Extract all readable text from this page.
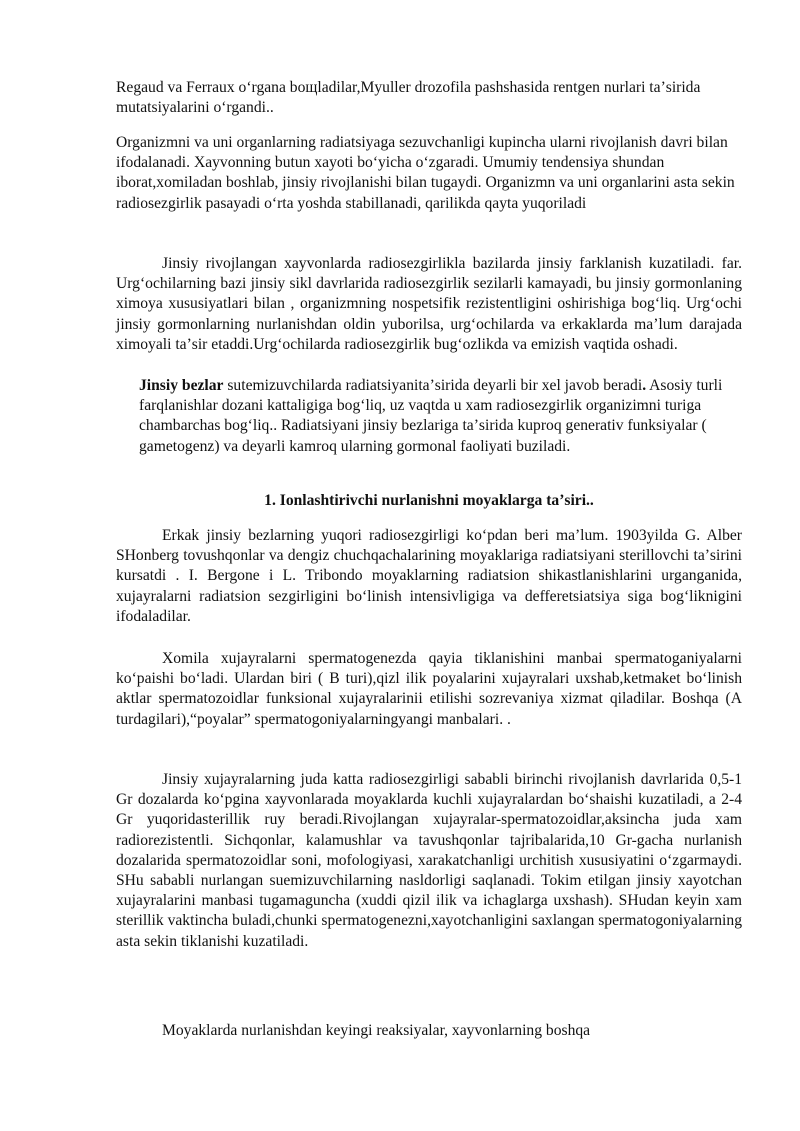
Regaud va Ferraux oʻrgana bощladilar,Myuller drozofila pashshasida rentgen nurlari taʼsirida mutatsiyalarini oʻrgandi..

Organizmni va uni organlarning radiatsiyaga sezuvchanligi kupincha ularni rivojlanish davri bilan ifodalanadi. Xayvonning butun xayoti boʻyicha oʻzgaradi. Umumiy tendensiya shundan iborat,xomiladan boshlab, jinsiy rivojlanishi bilan tugaydi. Organizmn va uni organlarini asta sekin radiosezgirlik pasayadi oʻrta yoshda stabillanadi, qarilikda qayta yuqoriladi

Jinsiy rivojlangan xayvonlarda radiosezgirlikla bazilarda jinsiy farklanish kuzatiladi. far. Urgʻochilarning bazi jinsiy sikl davrlarida radiosezgirlik sezilarli kamayadi, bu jinsiy gormonlaning ximoya xususiyatlari bilan , organizmning nospetsifik rezistentligini oshirishiga bogʻliq. Urgʻochi jinsiy gormonlarning nurlanishdan oldin yuborilsa, urgʻochilarda va erkaklarda maʼlum darajada ximoyali taʼsir etaddi.Urgʻochilarda radiosezgirlik bugʻozlikda va emizish vaqtida oshadi.

Jinsiy bezlar sutemizuvchilarda radiatsiyanitaʼsirida deyarli bir xel javob beradi. Asosiy turli farqlanishlar dozani kattaligiga bogʻliq, uz vaqtda u xam radiosezgirlik organizimni turiga chambarchas bogʻliq.. Radiatsiyani jinsiy bezlariga taʼsirida kuproq generativ funksiyalar ( gametogenz) va deyarli kamroq ularning gormonal faoliyati buziladi.

1. Ionlashtirivchi nurlanishni moyaklarga taʼsiri..

Erkak jinsiy bezlarning yuqori radiosezgirligi koʻpdan beri maʼlum. 1903yilda G. Alber SHonberg tovushqonlar va dengiz chuchqachalarining moyaklariga radiatsiyani sterillovchi taʼsirini kursatdi . I. Bergone i L. Tribondo moyaklarning radiatsion shikastlanishlarini urganganida, xujayralarni radiatsion sezgirligini boʻlinish intensivligiga va defferetsiatsiya siga bogʻliknigini ifodaladilar.

Xomila xujayralarni spermatogenezda qayia tiklanishini manbai spermatoganiyalarni koʻpaishi boʻladi. Ulardan biri ( B turi),qizl ilik poyalarini xujayralari uxshab,ketmaket boʻlinish aktlar spermatozoidlar funksional xujayralarinii etilishi sozrevaniya xizmat qiladilar. Boshqa (A turdagilari),“poyalar” spermatogoniyalarningyangi manbalari. .

Jinsiy xujayralarning juda katta radiosezgirligi sababli birinchi rivojlanish davrlarida 0,5-1 Gr dozalarda koʻpgina xayvonlarada moyaklarda kuchli xujayralardan boʻshaishi kuzatiladi, a 2-4 Gr yuqoridasterillik ruy beradi.Rivojlangan xujayralar-spermatozoidlar,aksincha juda xam radiorezistentli. Sichqonlar, kalamushlar va tavushqonlar tajribalarida,10 Gr-gacha nurlanish dozalarida spermatozoidlar soni, mofologiyasi, xarakatchanligi urchitish xususiyatini oʻzgarmaydi. SHu sababli nurlangan suemizuvchilarning nasldorligi saqlanadi. Tokim etilgan jinsiy xayotchan xujayralarini manbasi tugamaguncha (xuddi qizil ilik va ichaglarga uxshash). SHudan keyin xam sterillik vaktincha buladi,chunki spermatogenezni,xayotchanligini saxlangan spermatogoniyalarning asta sekin tiklanishi kuzatiladi.

Moyaklarda nurlanishdan keyingi reaksiyalar, xayvonlarning boshqa
